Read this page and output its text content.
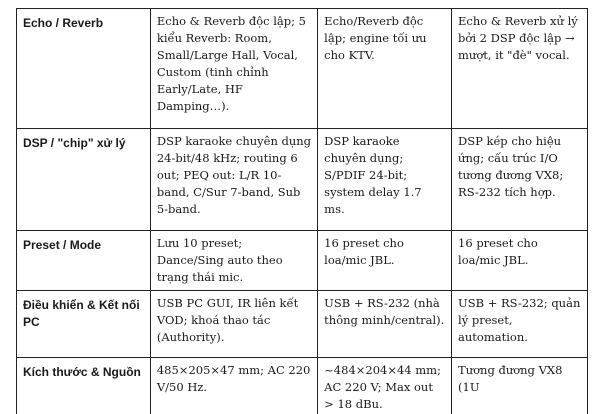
Echo / Reverb	Echo & Reverb độc lập; 5 kiểu Reverb: Room, Small/Large Hall, Vocal, Custom (tinh chỉnh Early/Late, HF Damping…).	Echo/Reverb độc lập; engine tối ưu cho KTV.	Echo & Reverb xử lý bởi 2 DSP độc lập → mượt, it "đè" vocal.
DSP / "chip" xử lý	DSP karaoke chuyên dụng 24-bit/48 kHz; routing 6 out; PEQ out: L/R 10-band, C/Sur 7-band, Sub 5-band.	DSP karaoke chuyên dụng; S/PDIF 24-bit; system delay 1.7 ms.	DSP kép cho hiệu ứng; cấu trúc I/O tương đương VX8; RS-232 tích hợp.
Preset / Mode	Lưu 10 preset; Dance/Sing auto theo trạng thái mic.	16 preset cho loa/mic JBL.	16 preset cho loa/mic JBL.
Điều khiển & Kết nối PC	USB PC GUI, IR liên kết VOD; khoá thao tác (Authority).	USB + RS-232 (nhà thông minh/central).	USB + RS-232; quản lý preset, automation.
Kích thước & Nguồn	485×205×47 mm; AC 220 V/50 Hz.	~484×204×44 mm; AC 220 V; Max out > 18 dBu.	Tương đương VX8 (1U
